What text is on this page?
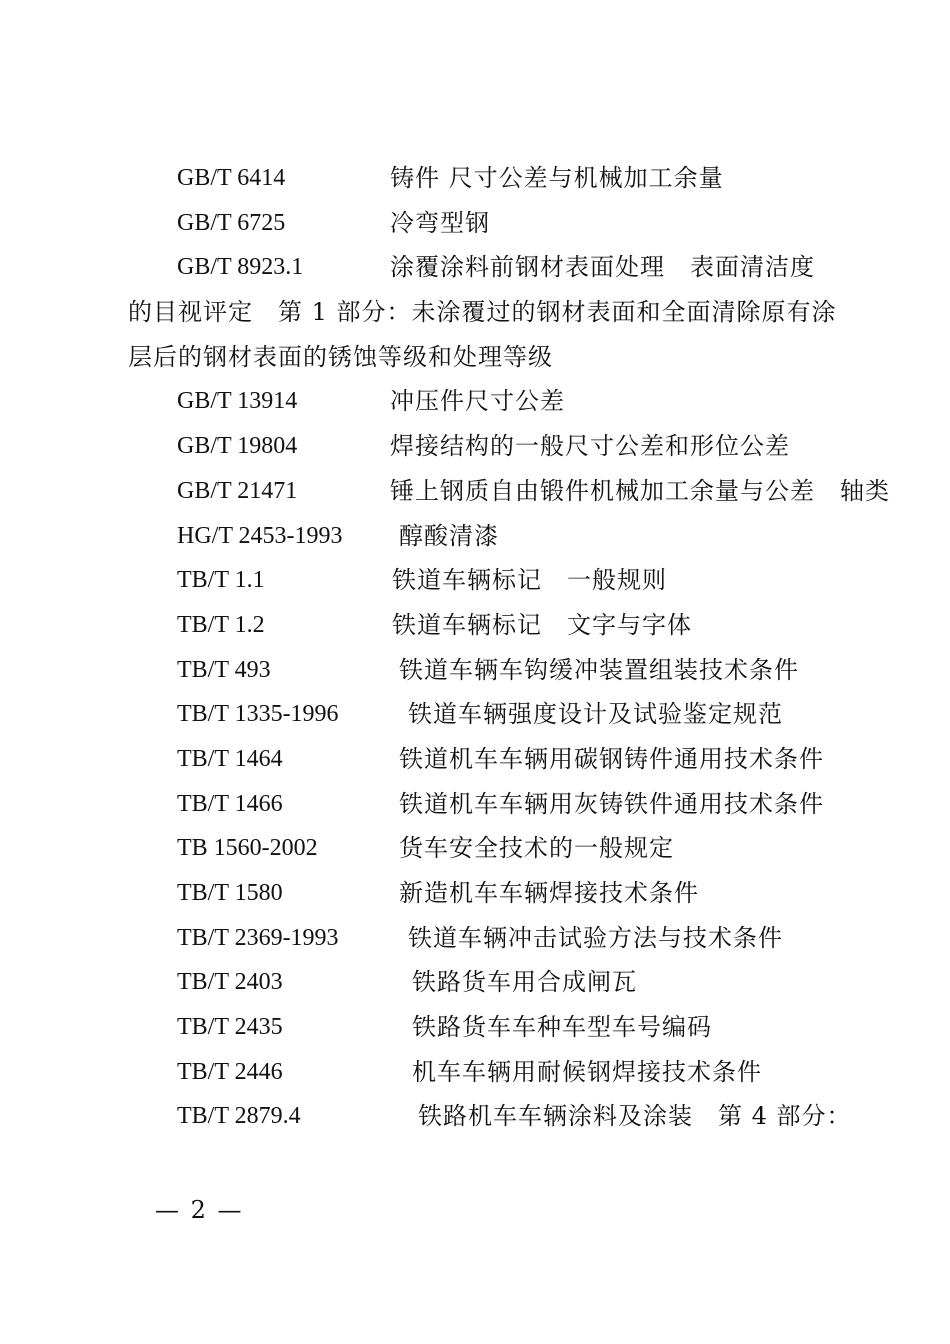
GB/T 6414	铸件 尺寸公差与机械加工余量
GB/T 6725	冷弯型钢
GB/T 8923.1	涂覆涂料前钢材表面处理　表面清洁度
的目视评定　第 1 部分：未涂覆过的钢材表面和全面清除原有涂
层后的钢材表面的锈蚀等级和处理等级
GB/T 13914	冲压件尺寸公差
GB/T 19804	焊接结构的一般尺寸公差和形位公差
GB/T 21471	锤上钢质自由锻件机械加工余量与公差　轴类
HG/T 2453-1993 醇酸清漆
TB/T 1.1	铁道车辆标记　一般规则
TB/T 1.2	铁道车辆标记　文字与字体
TB/T 493	铁道车辆车钩缓冲装置组装技术条件
TB/T 1335-1996	铁道车辆强度设计及试验鉴定规范
TB/T 1464	铁道机车车辆用碳钢铸件通用技术条件
TB/T 1466	铁道机车车辆用灰铸铁件通用技术条件
TB 1560-2002	货车安全技术的一般规定
TB/T 1580	新造机车车辆焊接技术条件
TB/T 2369-1993	铁道车辆冲击试验方法与技术条件
TB/T 2403	铁路货车用合成闸瓦
TB/T 2435	铁路货车车种车型车号编码
TB/T 2446	机车车辆用耐候钢焊接技术条件
TB/T 2879.4	铁路机车车辆涂料及涂装　第 4 部分：
— 2 —
